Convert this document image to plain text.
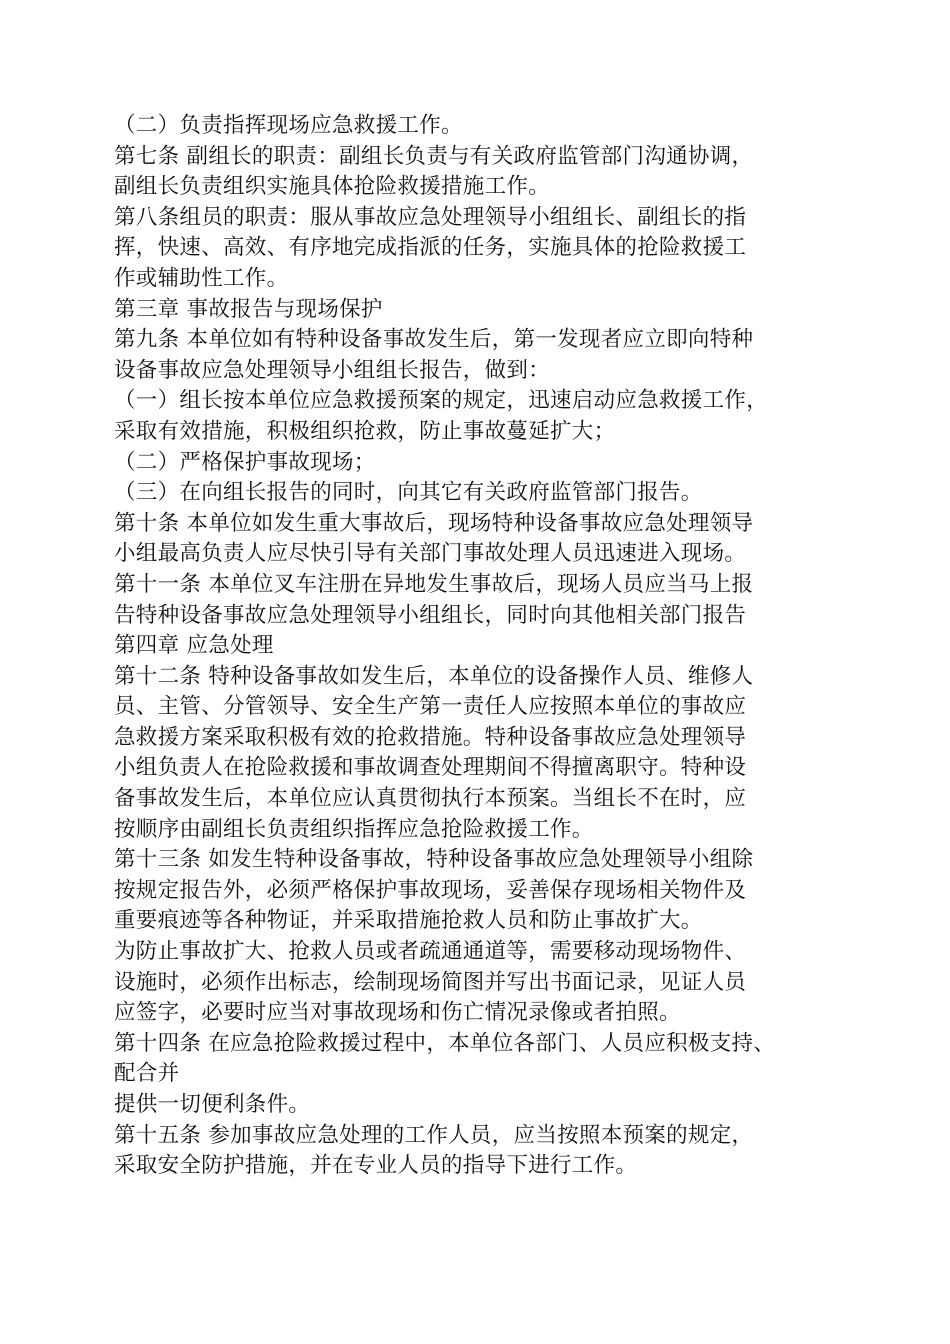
（二）负责指挥现场应急救援工作。
第七条 副组长的职责：副组长负责与有关政府监管部门沟通协调，
副组长负责组织实施具体抢险救援措施工作。
第八条组员的职责：服从事故应急处理领导小组组长、副组长的指
挥，快速、高效、有序地完成指派的任务，实施具体的抢险救援工
作或辅助性工作。
第三章 事故报告与现场保护
第九条 本单位如有特种设备事故发生后，第一发现者应立即向特种
设备事故应急处理领导小组组长报告，做到：
（一）组长按本单位应急救援预案的规定，迅速启动应急救援工作，
采取有效措施，积极组织抢救，防止事故蔓延扩大；
（二）严格保护事故现场；
（三）在向组长报告的同时，向其它有关政府监管部门报告。
第十条 本单位如发生重大事故后，现场特种设备事故应急处理领导
小组最高负责人应尽快引导有关部门事故处理人员迅速进入现场。
第十一条 本单位叉车注册在异地发生事故后，现场人员应当马上报
告特种设备事故应急处理领导小组组长，同时向其他相关部门报告
第四章 应急处理
第十二条 特种设备事故如发生后，本单位的设备操作人员、维修人
员、主管、分管领导、安全生产第一责任人应按照本单位的事故应
急救援方案采取积极有效的抢救措施。特种设备事故应急处理领导
小组负责人在抢险救援和事故调查处理期间不得擅离职守。特种设
备事故发生后，本单位应认真贯彻执行本预案。当组长不在时，应
按顺序由副组长负责组织指挥应急抢险救援工作。
第十三条 如发生特种设备事故，特种设备事故应急处理领导小组除
按规定报告外，必须严格保护事故现场，妥善保存现场相关物件及
重要痕迹等各种物证，并采取措施抢救人员和防止事故扩大。
为防止事故扩大、抢救人员或者疏通通道等，需要移动现场物件、
设施时，必须作出标志，绘制现场简图并写出书面记录，见证人员
应签字，必要时应当对事故现场和伤亡情况录像或者拍照。
第十四条 在应急抢险救援过程中，本单位各部门、人员应积极支持、
配合并
提供一切便利条件。
第十五条 参加事故应急处理的工作人员，应当按照本预案的规定，
采取安全防护措施，并在专业人员的指导下进行工作。
